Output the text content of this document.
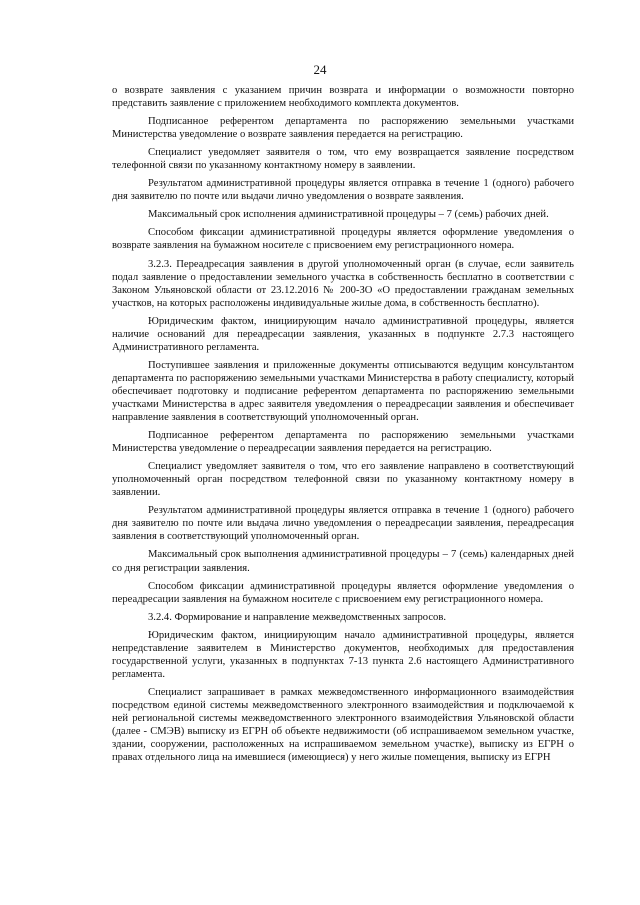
24

о возврате заявления с указанием причин возврата и информации о возможности повторно представить заявление с приложением необходимого комплекта документов.

Подписанное референтом департамента по распоряжению земельными участками Министерства уведомление о возврате заявления передается на регистрацию.

Специалист уведомляет заявителя о том, что ему возвращается заявление посредством телефонной связи по указанному контактному номеру в заявлении.

Результатом административной процедуры является отправка в течение 1 (одного) рабочего дня заявителю по почте или выдачи лично уведомления о возврате заявления.

Максимальный срок исполнения административной процедуры – 7 (семь) рабочих дней.

Способом фиксации административной процедуры является оформление уведомления о возврате заявления на бумажном носителе с присвоением ему регистрационного номера.

3.2.3. Переадресация заявления в другой уполномоченный орган (в случае, если заявитель подал заявление о предоставлении земельного участка в собственность бесплатно в соответствии с Законом Ульяновской области от 23.12.2016 № 200-ЗО «О предоставлении гражданам земельных участков, на которых расположены индивидуальные жилые дома, в собственность бесплатно).

Юридическим фактом, инициирующим начало административной процедуры, является наличие оснований для переадресации заявления, указанных в подпункте 2.7.3 настоящего Административного регламента.

Поступившее заявления и приложенные документы отписываются ведущим консультантом департамента по распоряжению земельными участками Министерства в работу специалисту, который обеспечивает подготовку и подписание референтом департамента по распоряжению земельными участками Министерства в адрес заявителя уведомления о переадресации заявления и обеспечивает направление заявления в соответствующий уполномоченный орган.

Подписанное референтом департамента по распоряжению земельными участками Министерства уведомление о переадресации заявления передается на регистрацию.

Специалист уведомляет заявителя о том, что его заявление направлено в соответствующий уполномоченный орган посредством телефонной связи по указанному контактному номеру в заявлении.

Результатом административной процедуры является отправка в течение 1 (одного) рабочего дня заявителю по почте или выдача лично уведомления о переадресации заявления, переадресация заявления в соответствующий уполномоченный орган.

Максимальный срок выполнения административной процедуры – 7 (семь) календарных дней со дня регистрации заявления.

Способом фиксации административной процедуры является оформление уведомления о переадресации заявления на бумажном носителе с присвоением ему регистрационного номера.

3.2.4. Формирование и направление межведомственных запросов.

Юридическим фактом, инициирующим начало административной процедуры, является непредставление заявителем в Министерство документов, необходимых для предоставления государственной услуги, указанных в подпунктах 7-13 пункта 2.6 настоящего Административного регламента.

Специалист запрашивает в рамках межведомственного информационного взаимодействия посредством единой системы межведомственного электронного взаимодействия и подключаемой к ней региональной системы межведомственного электронного взаимодействия Ульяновской области (далее - СМЭВ) выписку из ЕГРН об объекте недвижимости (об испрашиваемом земельном участке, здании, сооружении, расположенных на испрашиваемом земельном участке), выписку из ЕГРН о правах отдельного лица на имевшиеся (имеющиеся) у него жилые помещения, выписку из ЕГРН
